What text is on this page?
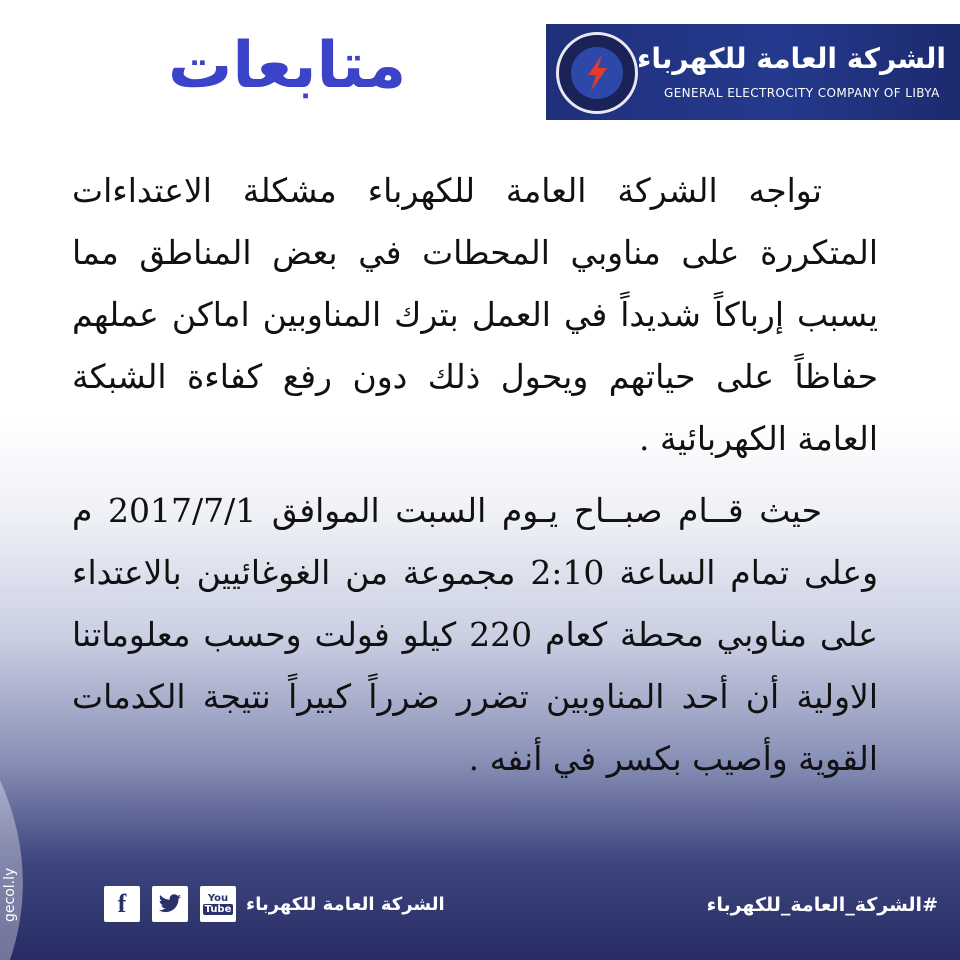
الشركة العامة للكهرباء
GENERAL ELECTROCITY COMPANY OF LIBYA
متابعات

تواجه الشركة العامة للكهرباء مشكلة الاعتداءات المتكررة على مناوبي المحطات في بعض المناطق مما يسبب إرباكاً شديداً في العمل بترك المناوبين اماكن عملهم حفاظاً على حياتهم ويحول ذلك دون رفع كفاءة الشبكة العامة الكهربائية .

حيث قــام صبــاح يـوم السبت الموافق 2017/7/1 م وعلى تمام الساعة 2:10 مجموعة من الغوغائيين بالاعتداء على مناوبي محطة كعام 220 كيلو فولت وحسب معلوماتنا الاولية أن أحد المناوبين تضرر ضرراً كبيراً نتيجة الكدمات القوية وأصيب بكسر في أنفه .

gecol.ly	f	You
Tube الشركة العامة للكهرباء	#الشركة_العامة_للكهرباء
